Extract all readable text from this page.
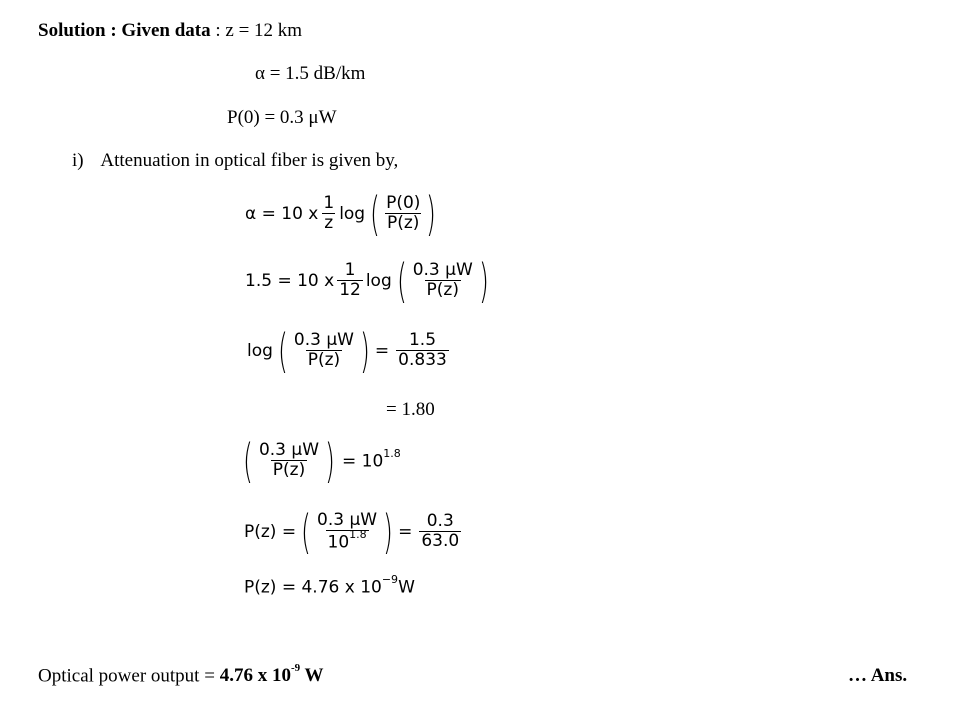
Solution : Given data : z = 12 km
α = 1.5 dB/km
P(0) = 0.3 μW
i) Attenuation in optical fiber is given by,
α = 10 x $\frac{1}{z}$ log ( $\frac{P(0)}{P(z)}$ )
1.5 = 10 x $\frac{1}{12}$ log ( $\frac{0.3 \mu W}{P(z)}$ )
log ( $\frac{0.3 \mu W}{P(z)}$ ) = $\frac{1.5}{0.833}$
= 1.80
( $\frac{0.3 \mu W}{P(z)}$ ) = $10^{1.8}$
P(z) = ( $\frac{0.3 \mu W}{10^{1.8}}$ ) = $\frac{0.3}{63.0}$
P(z) = 4.76 x $10^{-9}W$
Optical power output = 4.76 x $10^{-9}$ W	… Ans.
